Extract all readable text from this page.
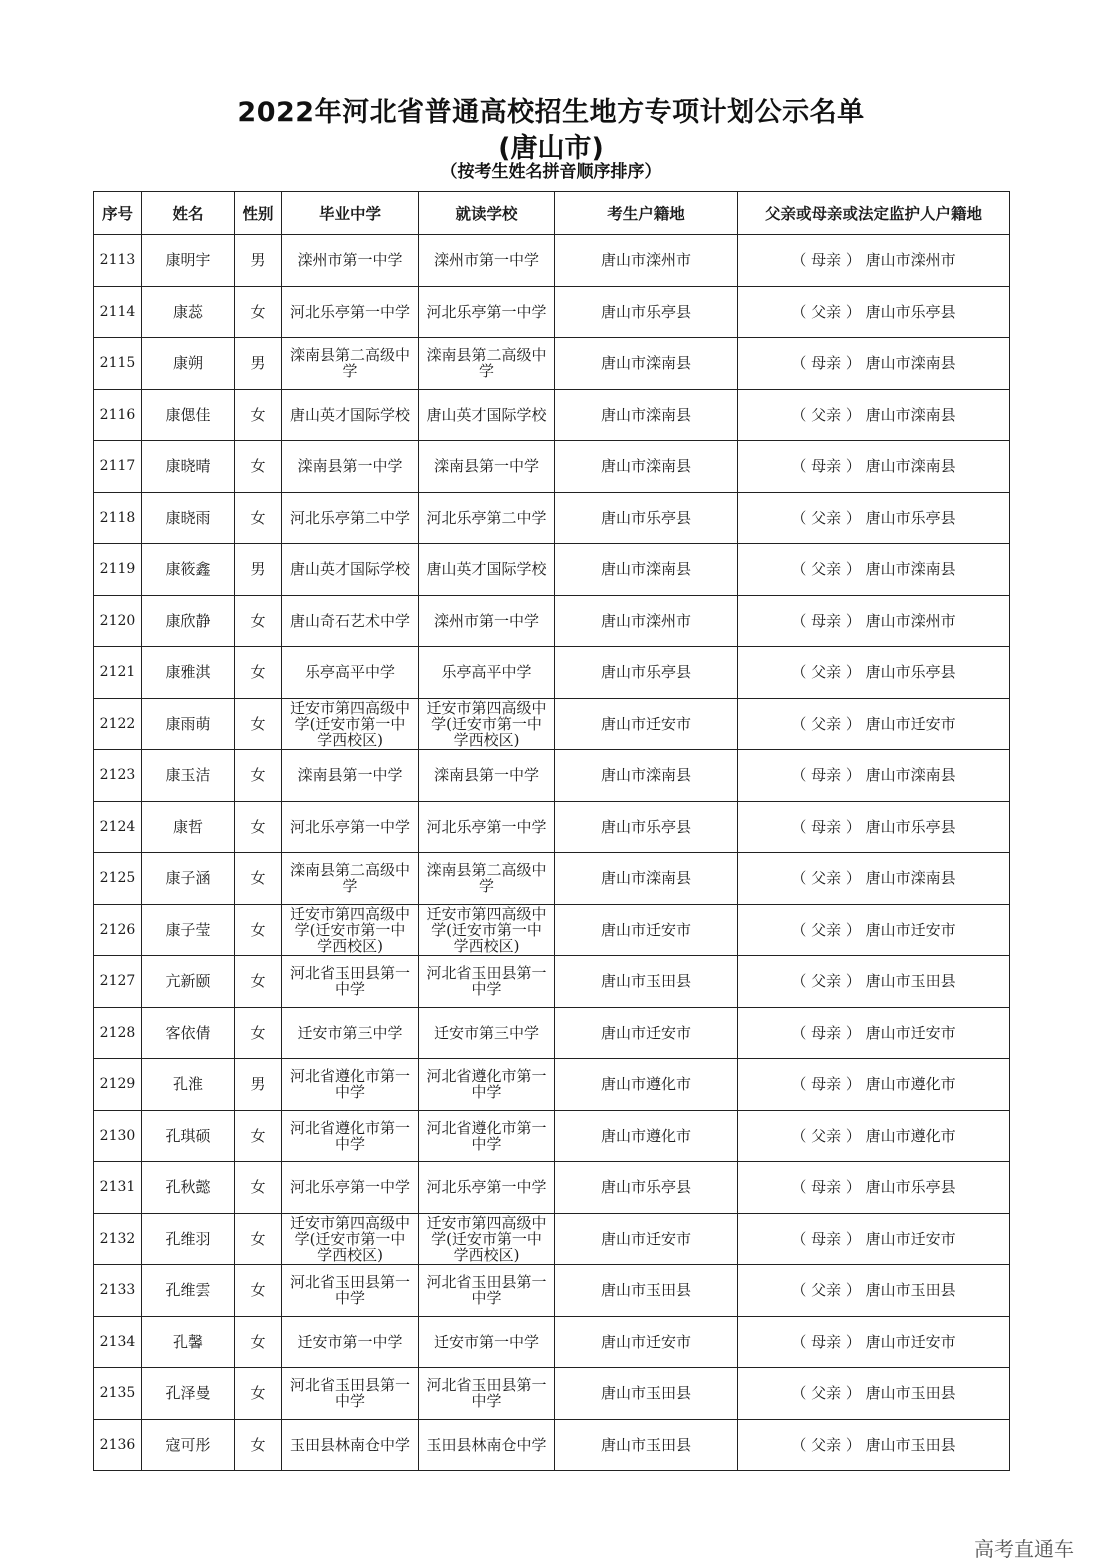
2022年河北省普通高校招生地方专项计划公示名单
(唐山市)
（按考生姓名拼音顺序排序）
序号	姓名	性别	毕业中学	就读学校	考生户籍地	父亲或母亲或法定监护人户籍地
2113	康明宇	男	滦州市第一中学	滦州市第一中学	唐山市滦州市	（ 母亲 ） 唐山市滦州市
2114	康蕊	女	河北乐亭第一中学	河北乐亭第一中学	唐山市乐亭县	（ 父亲 ） 唐山市乐亭县
2115	康朔	男	滦南县第二高级中学	滦南县第二高级中学	唐山市滦南县	（ 母亲 ） 唐山市滦南县
2116	康偲佳	女	唐山英才国际学校	唐山英才国际学校	唐山市滦南县	（ 父亲 ） 唐山市滦南县
2117	康晓晴	女	滦南县第一中学	滦南县第一中学	唐山市滦南县	（ 母亲 ） 唐山市滦南县
2118	康晓雨	女	河北乐亭第二中学	河北乐亭第二中学	唐山市乐亭县	（ 父亲 ） 唐山市乐亭县
2119	康筱鑫	男	唐山英才国际学校	唐山英才国际学校	唐山市滦南县	（ 父亲 ） 唐山市滦南县
2120	康欣静	女	唐山奇石艺术中学	滦州市第一中学	唐山市滦州市	（ 母亲 ） 唐山市滦州市
2121	康雅淇	女	乐亭高平中学	乐亭高平中学	唐山市乐亭县	（ 父亲 ） 唐山市乐亭县
2122	康雨萌	女	迁安市第四高级中学(迁安市第一中学西校区)	迁安市第四高级中学(迁安市第一中学西校区)	唐山市迁安市	（ 父亲 ） 唐山市迁安市
2123	康玉洁	女	滦南县第一中学	滦南县第一中学	唐山市滦南县	（ 母亲 ） 唐山市滦南县
2124	康哲	女	河北乐亭第一中学	河北乐亭第一中学	唐山市乐亭县	（ 母亲 ） 唐山市乐亭县
2125	康子涵	女	滦南县第二高级中学	滦南县第二高级中学	唐山市滦南县	（ 父亲 ） 唐山市滦南县
2126	康子莹	女	迁安市第四高级中学(迁安市第一中学西校区)	迁安市第四高级中学(迁安市第一中学西校区)	唐山市迁安市	（ 父亲 ） 唐山市迁安市
2127	亢新颐	女	河北省玉田县第一中学	河北省玉田县第一中学	唐山市玉田县	（ 父亲 ） 唐山市玉田县
2128	客依倩	女	迁安市第三中学	迁安市第三中学	唐山市迁安市	（ 母亲 ） 唐山市迁安市
2129	孔淮	男	河北省遵化市第一中学	河北省遵化市第一中学	唐山市遵化市	（ 母亲 ） 唐山市遵化市
2130	孔琪硕	女	河北省遵化市第一中学	河北省遵化市第一中学	唐山市遵化市	（ 父亲 ） 唐山市遵化市
2131	孔秋懿	女	河北乐亭第一中学	河北乐亭第一中学	唐山市乐亭县	（ 母亲 ） 唐山市乐亭县
2132	孔维羽	女	迁安市第四高级中学(迁安市第一中学西校区)	迁安市第四高级中学(迁安市第一中学西校区)	唐山市迁安市	（ 母亲 ） 唐山市迁安市
2133	孔维雲	女	河北省玉田县第一中学	河北省玉田县第一中学	唐山市玉田县	（ 父亲 ） 唐山市玉田县
2134	孔馨	女	迁安市第一中学	迁安市第一中学	唐山市迁安市	（ 母亲 ） 唐山市迁安市
2135	孔泽曼	女	河北省玉田县第一中学	河北省玉田县第一中学	唐山市玉田县	（ 父亲 ） 唐山市玉田县
2136	寇可彤	女	玉田县林南仓中学	玉田县林南仓中学	唐山市玉田县	（ 父亲 ） 唐山市玉田县
高考直通车
